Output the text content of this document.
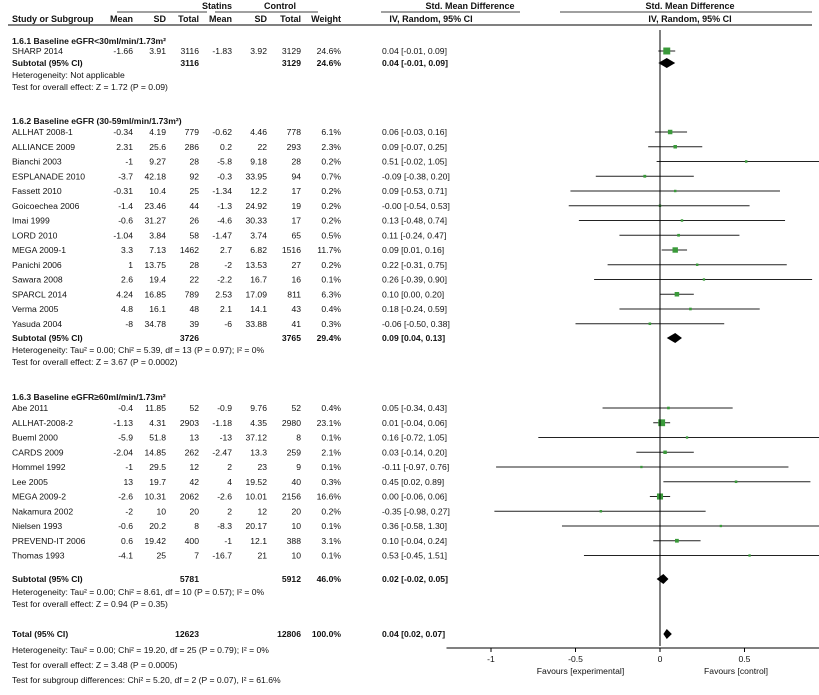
Statins	Control	Std. Mean Difference	Std. Mean Difference
Study or Subgroup Mean SD Total Mean SD Total Weight	IV, Random, 95% CI	IV, Random, 95% CI
1.6.1 Baseline eGFR<30ml/min/1.73m²
SHARP 2014	-1.66 3.91 3116 -1.83 3.92 3129 24.6%	0.04 [-0.01, 0.09]
Subtotal (95% CI)	3116	3129 24.6%	0.04 [-0.01, 0.09]
Heterogeneity: Not applicable
Test for overall effect: Z = 1.72 (P = 0.09)
1.6.2 Baseline eGFR (30-59ml/min/1.73m²)
ALLHAT 2008-1	-0.34 4.19 779 -0.62 4.46 778 6.1%	0.06 [-0.03, 0.16]
ALLIANCE 2009	2.31 25.6 286 0.2	22 293 2.3%	0.09 [-0.07, 0.25]
Bianchi 2003	-1 9.27	28 -5.8 9.18	28 0.2%	0.51 [-0.02, 1.05]
ESPLANADE 2010	-3.7 42.18	92 -0.3 33.95	94 0.7%	-0.09 [-0.38, 0.20]
Fassett 2010	-0.31 10.4	25 -1.34 12.2	17 0.2%	0.09 [-0.53, 0.71]
Goicoechea 2006	-1.4 23.46	44 -1.3 24.92	19 0.2%	-0.00 [-0.54, 0.53]
Imai 1999	-0.6 31.27	26 -4.6 30.33	17 0.2%	0.13 [-0.48, 0.74]
LORD 2010	-1.04 3.84	58 -1.47 3.74	65 0.5%	0.11 [-0.24, 0.47]
MEGA 2009-1	3.3 7.13 1462 2.7 6.82 1516 11.7%	0.09 [0.01, 0.16]
Panichi 2006	1 13.75	28	-2 13.53	27 0.2%	0.22 [-0.31, 0.75]
Sawara 2008	2.6 19.4	22 -2.2 16.7	16 0.1%	0.26 [-0.39, 0.90]
SPARCL 2014	4.24 16.85 789 2.53 17.09 811 6.3%	0.10 [0.00, 0.20]
Verma 2005	4.8 16.1	48 2.1 14.1	43 0.4%	0.18 [-0.24, 0.59]
Yasuda 2004	-8 34.78	39	-6 33.88	41 0.3%	-0.06 [-0.50, 0.38]
Subtotal (95% CI)	3726	3765 29.4%	0.09 [0.04, 0.13]
Heterogeneity: Tau² = 0.00; Chi² = 5.39, df = 13 (P = 0.97); I² = 0%
Test for overall effect: Z = 3.67 (P = 0.0002)
1.6.3 Baseline eGFR≥60ml/min/1.73m²
Abe 2011	-0.4 11.85	52 -0.9 9.76	52 0.4%	0.05 [-0.34, 0.43]
ALLHAT-2008-2	-1.13 4.31 2903 -1.18 4.35 2980 23.1%	0.01 [-0.04, 0.06]
Bueml 2000	-5.9 51.8	13 -13 37.12	8 0.1%	0.16 [-0.72, 1.05]
CARDS 2009	-2.04 14.85 262 -2.47 13.3 259 2.1%	0.03 [-0.14, 0.20]
Hommel 1992	-1 29.5	12	2	23	9 0.1%	-0.11 [-0.97, 0.76]
Lee 2005	13 19.7	42	4 19.52	40 0.3%	0.45 [0.02, 0.89]
MEGA 2009-2	-2.6 10.31 2062 -2.6 10.01 2156 16.6%	0.00 [-0.06, 0.06]
Nakamura 2002	-2	10	20	2	12	20 0.2%	-0.35 [-0.98, 0.27]
Nielsen 1993	-0.6 20.2	8 -8.3 20.17	10 0.1%	0.36 [-0.58, 1.30]
PREVEND-IT 2006	0.6 19.42 400	-1 12.1 388 3.1%	0.10 [-0.04, 0.24]
Thomas 1993	-4.1	25	7 -16.7	21	10 0.1%	0.53 [-0.45, 1.51]
Subtotal (95% CI)	5781	5912 46.0%	0.02 [-0.02, 0.05]
Heterogeneity: Tau² = 0.00; Chi² = 8.61, df = 10 (P = 0.57); I² = 0%
Test for overall effect: Z = 0.94 (P = 0.35)
Total (95% CI)	12623	12806 100.0%	0.04 [0.02, 0.07]
Heterogeneity: Tau² = 0.00; Chi² = 19.20, df = 25 (P = 0.79); I² = 0%
Test for overall effect: Z = 3.48 (P = 0.0005)
Test for subgroup differences: Chi² = 5.20, df = 2 (P = 0.07), I² = 61.6%
-1	-0.5	0	0.5
Favours [experimental]	Favours [control]
